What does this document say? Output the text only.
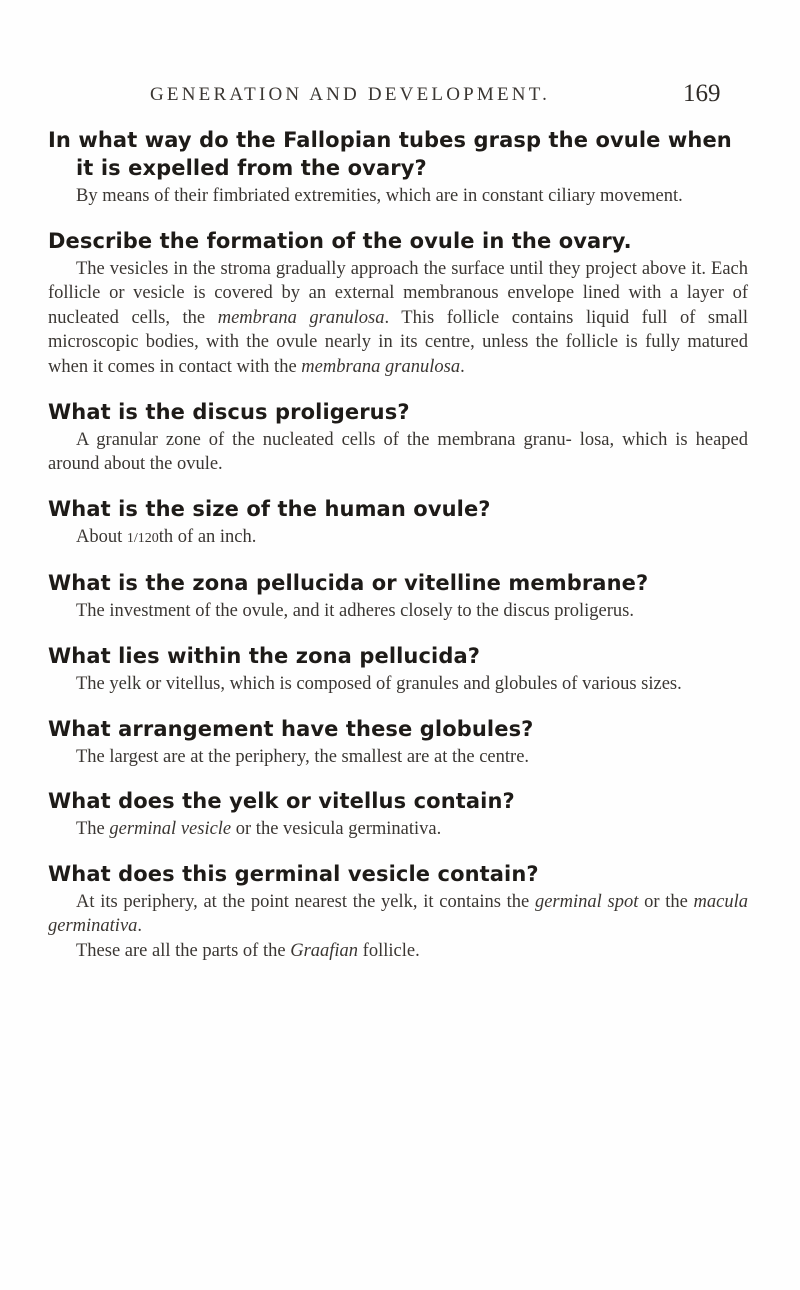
GENERATION AND DEVELOPMENT.	169

In what way do the Fallopian tubes grasp the ovule when it is expelled from the ovary?

By means of their fimbriated extremities, which are in constant ciliary movement.

Describe the formation of the ovule in the ovary.

The vesicles in the stroma gradually approach the surface until they project above it. Each follicle or vesicle is covered by an external membranous envelope lined with a layer of nucleated cells, the membrana granulosa. This follicle contains liquid full of small microscopic bodies, with the ovule nearly in its centre, unless the follicle is fully matured when it comes in contact with the membrana granulosa.

What is the discus proligerus?

A granular zone of the nucleated cells of the membrana granu- losa, which is heaped around about the ovule.

What is the size of the human ovule?

About 1/120th of an inch.

What is the zona pellucida or vitelline membrane?

The investment of the ovule, and it adheres closely to the discus proligerus.

What lies within the zona pellucida?

The yelk or vitellus, which is composed of granules and globules of various sizes.

What arrangement have these globules?

The largest are at the periphery, the smallest are at the centre.

What does the yelk or vitellus contain?

The germinal vesicle or the vesicula germinativa.

What does this germinal vesicle contain?

At its periphery, at the point nearest the yelk, it contains the germinal spot or the macula germinativa.

These are all the parts of the Graafian follicle.
